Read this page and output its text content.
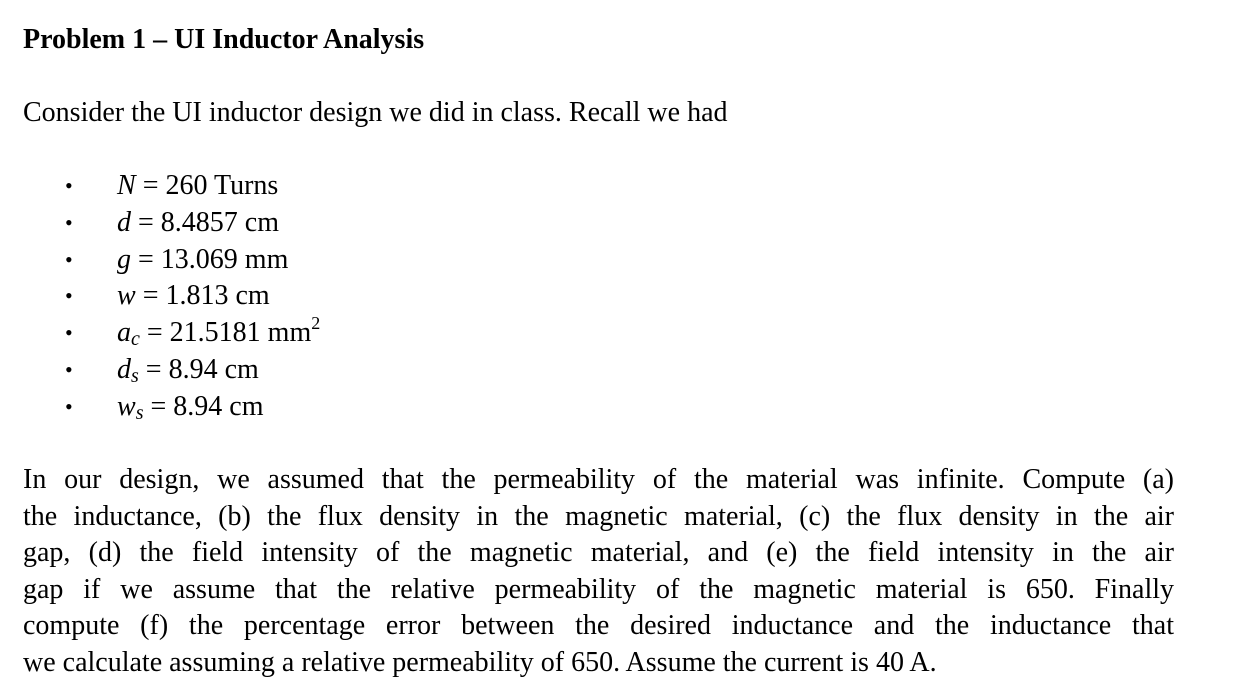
Problem 1 – UI Inductor Analysis

Consider the UI inductor design we did in class. Recall we had

• N = 260 Turns
• d = 8.4857 cm
• g = 13.069 mm
• w = 1.813 cm
• $a_c = 21.5181$ $mm^2$
• $d_s = 8.94$ cm
• $w_s = 8.94$ cm

In our design, we assumed that the permeability of the material was infinite. Compute (a)
the inductance, (b) the flux density in the magnetic material, (c) the flux density in the air
gap, (d) the field intensity of the magnetic material, and (e) the field intensity in the air
gap if we assume that the relative permeability of the magnetic material is 650. Finally
compute (f) the percentage error between the desired inductance and the inductance that
we calculate assuming a relative permeability of 650. Assume the current is 40 A.
